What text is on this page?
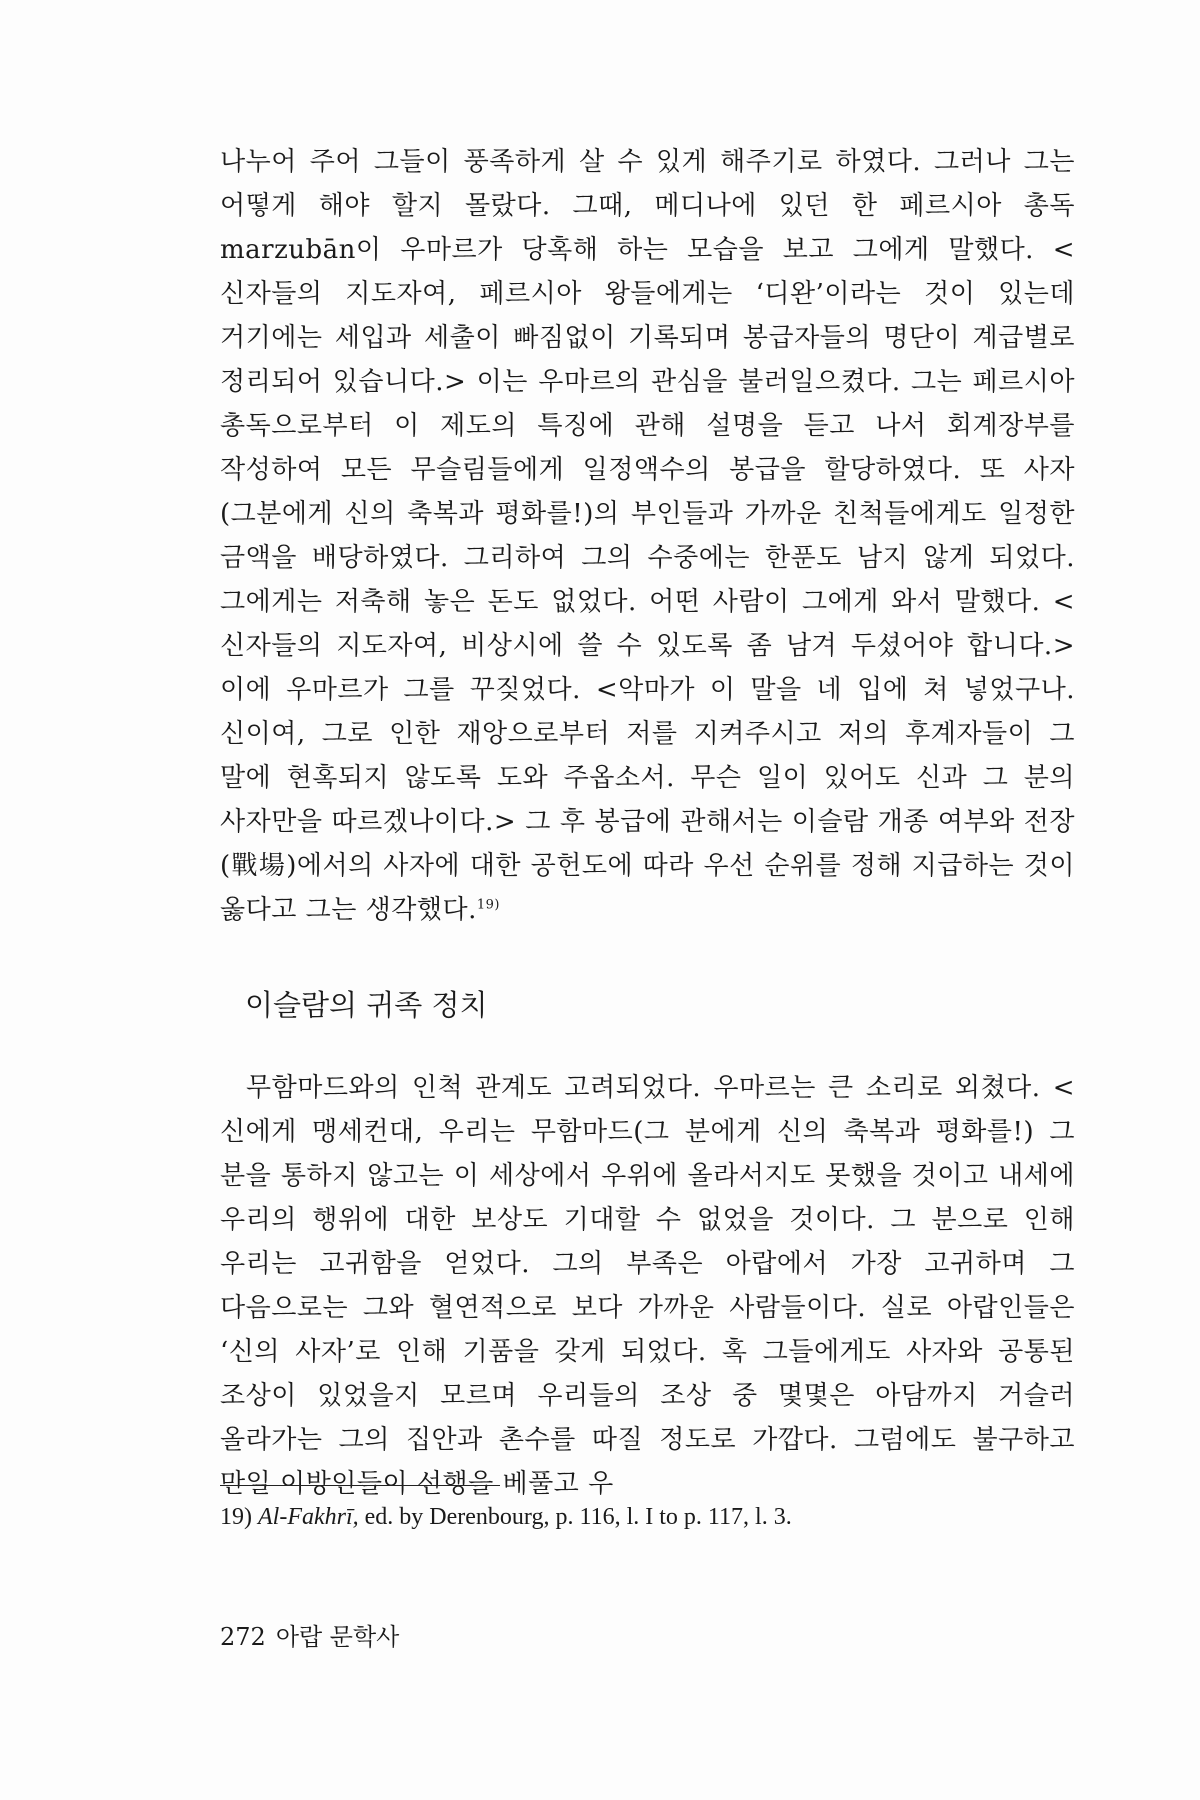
나누어 주어 그들이 풍족하게 살 수 있게 해주기로 하였다. 그러나 그는 어떻게 해야 할지 몰랐다. 그때, 메디나에 있던 한 페르시아 총독 marzubān이 우마르가 당혹해 하는 모습을 보고 그에게 말했다. <신자들의 지도자여, 페르시아 왕들에게는 ‘디완’이라는 것이 있는데 거기에는 세입과 세출이 빠짐없이 기록되며 봉급자들의 명단이 계급별로 정리되어 있습니다.> 이는 우마르의 관심을 불러일으켰다. 그는 페르시아 총독으로부터 이 제도의 특징에 관해 설명을 듣고 나서 회계장부를 작성하여 모든 무슬림들에게 일정액수의 봉급을 할당하였다. 또 사자(그분에게 신의 축복과 평화를!)의 부인들과 가까운 친척들에게도 일정한 금액을 배당하였다. 그리하여 그의 수중에는 한푼도 남지 않게 되었다. 그에게는 저축해 놓은 돈도 없었다. 어떤 사람이 그에게 와서 말했다. <신자들의 지도자여, 비상시에 쓸 수 있도록 좀 남겨 두셨어야 합니다.> 이에 우마르가 그를 꾸짖었다. <악마가 이 말을 네 입에 쳐 넣었구나. 신이여, 그로 인한 재앙으로부터 저를 지켜주시고 저의 후계자들이 그 말에 현혹되지 않도록 도와 주옵소서. 무슨 일이 있어도 신과 그 분의 사자만을 따르겠나이다.> 그 후 봉급에 관해서는 이슬람 개종 여부와 전장(戰場)에서의 사자에 대한 공헌도에 따라 우선 순위를 정해 지급하는 것이 옳다고 그는 생각했다.$^{19)}$

이슬람의 귀족 정치

무함마드와의 인척 관계도 고려되었다. 우마르는 큰 소리로 외쳤다. <신에게 맹세컨대, 우리는 무함마드(그 분에게 신의 축복과 평화를!) 그 분을 통하지 않고는 이 세상에서 우위에 올라서지도 못했을 것이고 내세에 우리의 행위에 대한 보상도 기대할 수 없었을 것이다. 그 분으로 인해 우리는 고귀함을 얻었다. 그의 부족은 아랍에서 가장 고귀하며 그 다음으로는 그와 혈연적으로 보다 가까운 사람들이다. 실로 아랍인들은 ‘신의 사자’로 인해 기품을 갖게 되었다. 혹 그들에게도 사자와 공통된 조상이 있었을지 모르며 우리들의 조상 중 몇몇은 아담까지 거슬러 올라가는 그의 집안과 촌수를 따질 정도로 가깝다. 그럼에도 불구하고 만일 이방인들이 선행을 베풀고 우

19) Al-Fakhrī, ed. by Derenbourg, p. 116, l. I to p. 117, l. 3.

272 아랍 문학사
